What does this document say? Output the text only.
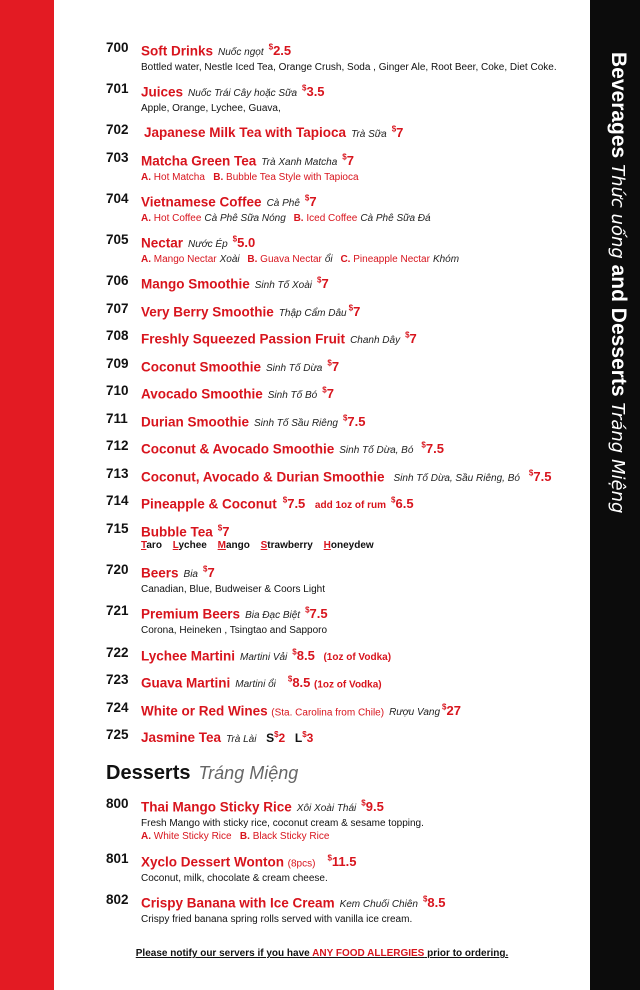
Beverages Thức uống and Desserts Tráng Miệng
700 Soft Drinks Nuốc ngọt $2.5
Bottled water, Nestle Iced Tea, Orange Crush, Soda , Ginger Ale, Root Beer, Coke, Diet Coke.
701 Juices Nuốc Trái Cây hoặc Sữa $3.5
Apple, Orange, Lychee, Guava,
702 Japanese Milk Tea with Tapioca Trà Sữa $7
703 Matcha Green Tea Trà Xanh Matcha $7
A. Hot Matcha B. Bubble Tea Style with Tapioca
704 Vietnamese Coffee Cà Phê $7
A. Hot Coffee Cà Phê Sữa Nóng B. Iced Coffee Cà Phê Sữa Đá
705 Nectar Nước Ép $5.0
A. Mango Nectar Xoài B. Guava Nectar ổi C. Pineapple Nectar Khóm
706 Mango Smoothie Sinh Tố Xoài $7
707 Very Berry Smoothie Thập Cẩm Dâu $7
708 Freshly Squeezed Passion Fruit Chanh Dây $7
709 Coconut Smoothie Sinh Tố Dừa $7
710 Avocado Smoothie Sinh Tố Bó $7
711 Durian Smoothie Sinh Tố Sầu Riêng $7.5
712 Coconut & Avocado Smoothie Sinh Tố Dừa, Bó $7.5
713 Coconut, Avocado & Durian Smoothie Sinh Tố Dừa, Sầu Riêng, Bó $7.5
714 Pineapple & Coconut $7.5 add 1oz of rum $6.5
715 Bubble Tea $7
Taro Lychee Mango Strawberry Honeydew
720 Beers Bia $7
Canadian, Blue, Budweiser & Coors Light
721 Premium Beers Bia Đạc Biệt $7.5
Corona, Heineken , Tsingtao and Sapporo
722 Lychee Martini Martini Vải $8.5 (1oz of Vodka)
723 Guava Martini Martini ổi $8.5 (1oz of Vodka)
724 White or Red Wines (Sta. Carolina from Chile) Rượu Vang $27
725 Jasmine Tea Trà Lài S$2 L$3
800 Thai Mango Sticky Rice Xôi Xoài Thái $9.5
Fresh Mango with sticky rice, coconut cream & sesame topping.
A. White Sticky Rice B. Black Sticky Rice
801 Xyclo Dessert Wonton (8pcs) $11.5
Coconut, milk, chocolate & cream cheese.
802 Crispy Banana with Ice Cream Kem Chuối Chiên $8.5
Crispy fried banana spring rolls served with vanilla ice cream.
Desserts Tráng Miệng
Please notify our servers if you have ANY FOOD ALLERGIES prior to ordering.
